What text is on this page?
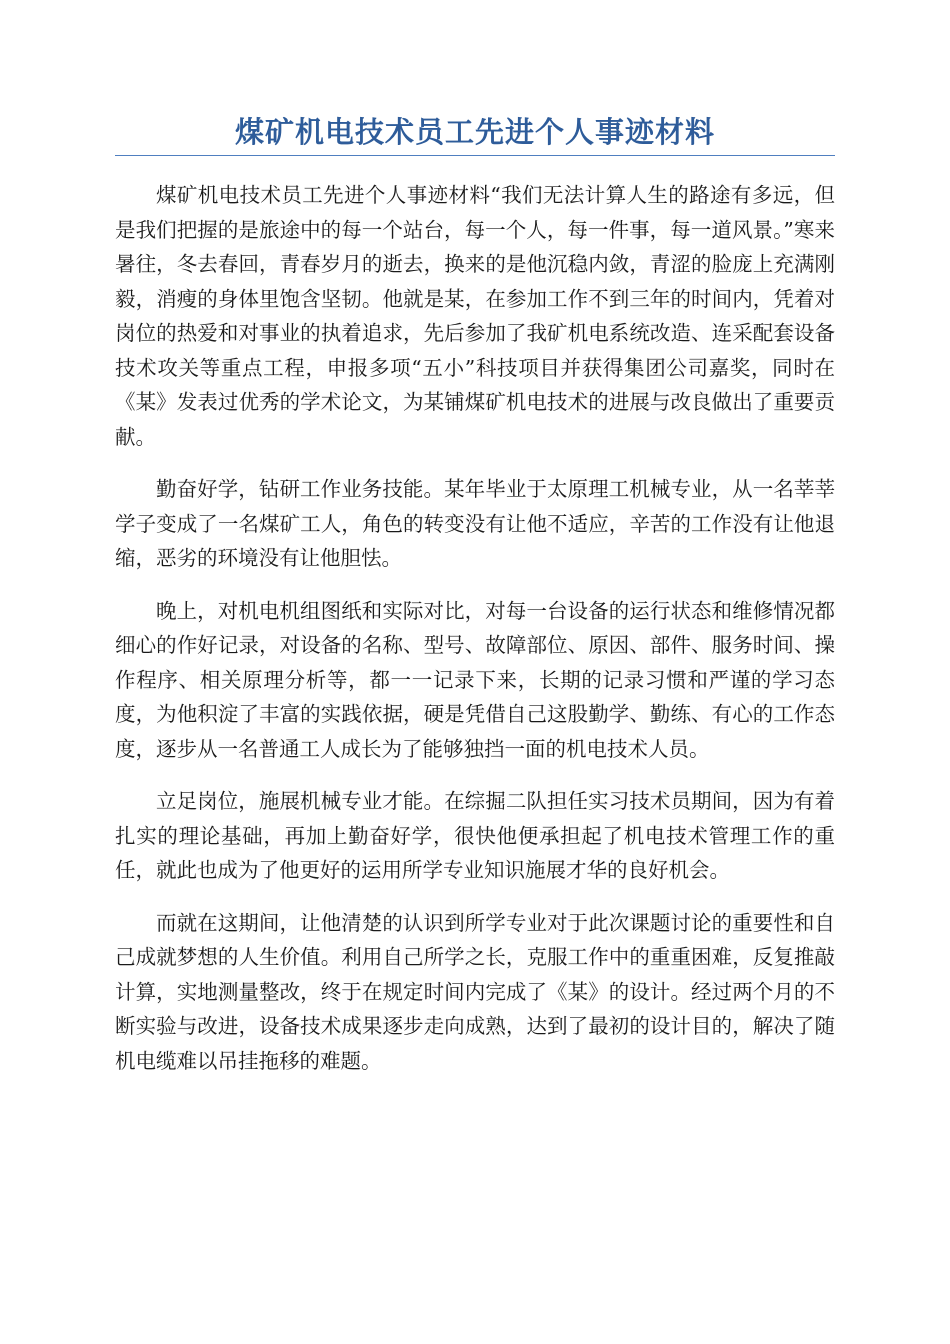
煤矿机电技术员工先进个人事迹材料

煤矿机电技术员工先进个人事迹材料“我们无法计算人生的路途有多远，但是我们把握的是旅途中的每一个站台，每一个人，每一件事，每一道风景。”寒来暑往，冬去春回，青春岁月的逝去，换来的是他沉稳内敛，青涩的脸庞上充满刚毅，消瘦的身体里饱含坚韧。他就是某，在参加工作不到三年的时间内，凭着对岗位的热爱和对事业的执着追求，先后参加了我矿机电系统改造、连采配套设备技术攻关等重点工程，申报多项“五小”科技项目并获得集团公司嘉奖，同时在《某》发表过优秀的学术论文，为某铺煤矿机电技术的进展与改良做出了重要贡献。

勤奋好学，钻研工作业务技能。某年毕业于太原理工机械专业，从一名莘莘学子变成了一名煤矿工人，角色的转变没有让他不适应，辛苦的工作没有让他退缩，恶劣的环境没有让他胆怯。

晚上，对机电机组图纸和实际对比，对每一台设备的运行状态和维修情况都细心的作好记录，对设备的名称、型号、故障部位、原因、部件、服务时间、操作程序、相关原理分析等，都一一记录下来，长期的记录习惯和严谨的学习态度，为他积淀了丰富的实践依据，硬是凭借自己这股勤学、勤练、有心的工作态度，逐步从一名普通工人成长为了能够独挡一面的机电技术人员。

立足岗位，施展机械专业才能。在综掘二队担任实习技术员期间，因为有着扎实的理论基础，再加上勤奋好学，很快他便承担起了机电技术管理工作的重任，就此也成为了他更好的运用所学专业知识施展才华的良好机会。

而就在这期间，让他清楚的认识到所学专业对于此次课题讨论的重要性和自己成就梦想的人生价值。利用自己所学之长，克服工作中的重重困难，反复推敲计算，实地测量整改，终于在规定时间内完成了《某》的设计。经过两个月的不断实验与改进，设备技术成果逐步走向成熟，达到了最初的设计目的，解决了随机电缆难以吊挂拖移的难题。
